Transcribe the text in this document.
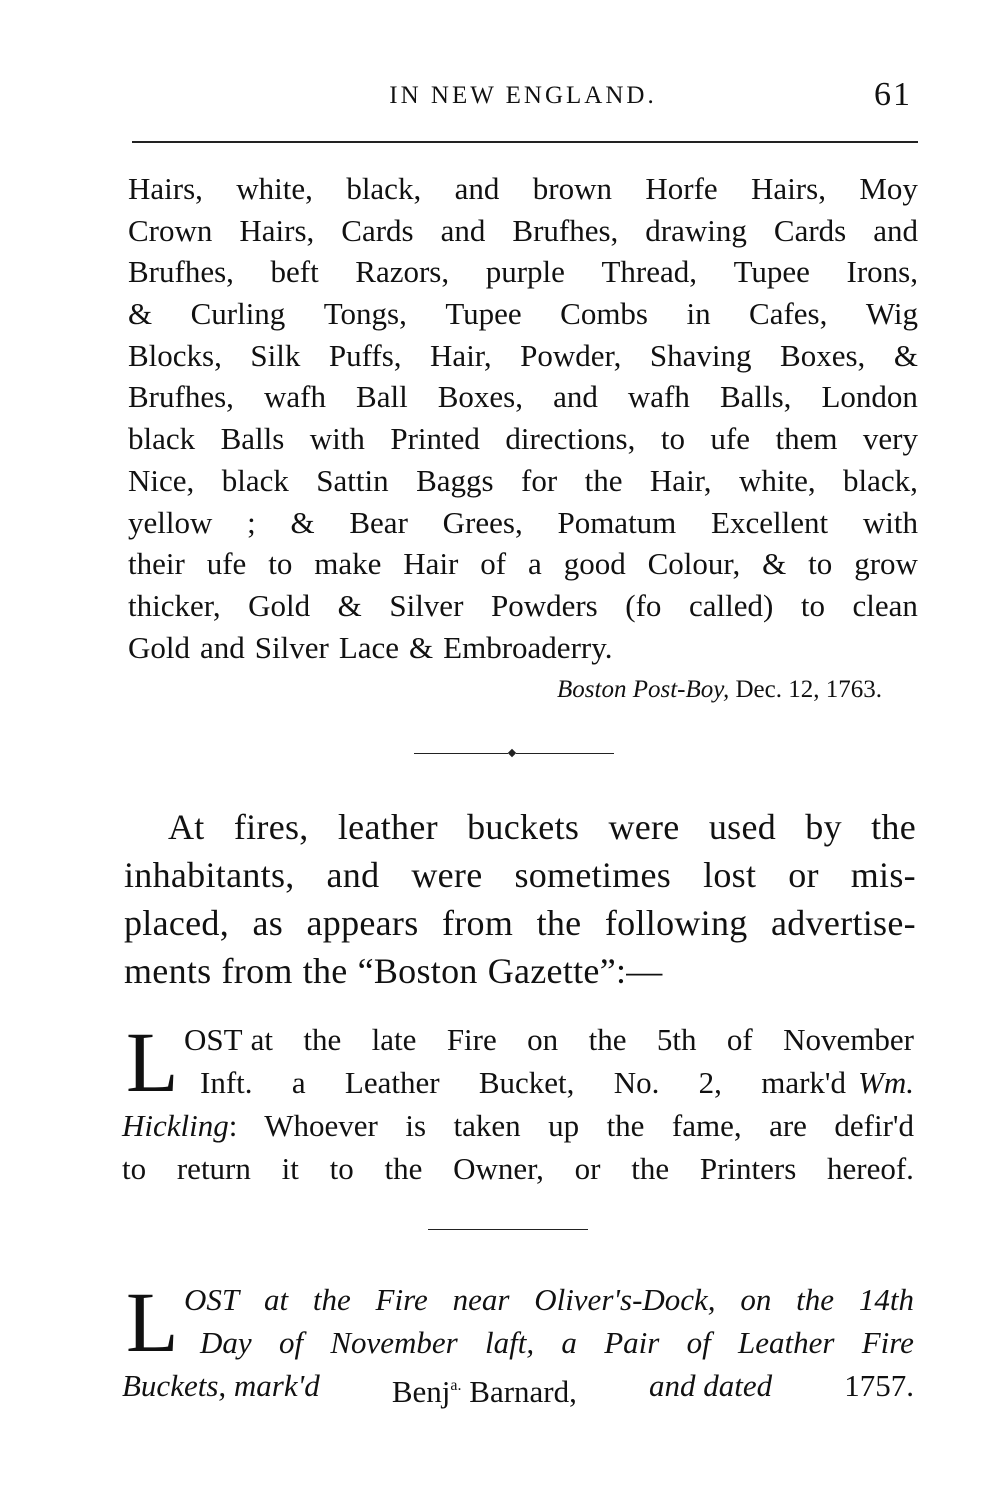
IN NEW ENGLAND.	61
Hairs, white, black, and brown Horfe Hairs, Moy
Crown Hairs, Cards and Brufhes, drawing Cards and
Brufhes, beft Razors, purple Thread, Tupee Irons,
& Curling Tongs, Tupee Combs in Cafes, Wig
Blocks, Silk Puffs, Hair, Powder, Shaving Boxes, &
Brufhes, wafh Ball Boxes, and wafh Balls, London
black Balls with Printed directions, to ufe them very
Nice, black Sattin Baggs for the Hair, white, black,
yellow ; & Bear Grees, Pomatum Excellent with
their ufe to make Hair of a good Colour, & to grow
thicker, Gold & Silver Powders (fo called) to clean
Gold and Silver Lace & Embroaderry.
Boston Post-Boy, Dec. 12, 1763.
At fires, leather buckets were used by the
inhabitants, and were sometimes lost or mis-
placed, as appears from the following advertise-
ments from the “Boston Gazette”:—
L OST at the late Fire on the 5th of November
Inft. a Leather Bucket, No. 2, mark'd Wm.
Hickling : Whoever is taken up the fame, are defir'd
to return it to the Owner, or the Printers hereof.
L OST at the Fire near Oliver's-Dock, on the 14th
Day of November laft, a Pair of Leather Fire
Buckets, mark'd Benj$^{a.}$ Barnard, and dated 1757.
